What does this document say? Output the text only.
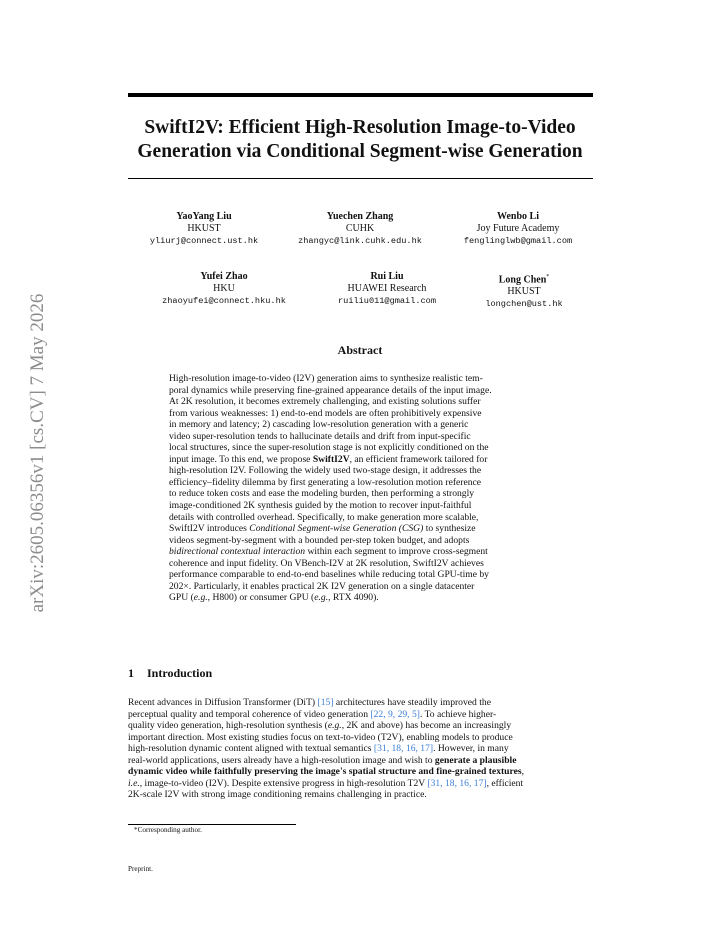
arXiv:2605.06356v1 [cs.CV] 7 May 2026
SwiftI2V: Efficient High-Resolution Image-to-Video
Generation via Conditional Segment-wise Generation
YaoYang Liu
HKUST
yliurj@connect.ust.hk
Yuechen Zhang
CUHK
zhangyc@link.cuhk.edu.hk
Wenbo Li
Joy Future Academy
fenglinglwb@gmail.com
Yufei Zhao
HKU
zhaoyufei@connect.hku.hk
Rui Liu
HUAWEI Research
ruiliu011@gmail.com
Long Chen*
HKUST
longchen@ust.hk
Abstract
High-resolution image-to-video (I2V) generation aims to synthesize realistic tem-
poral dynamics while preserving fine-grained appearance details of the input image.
At 2K resolution, it becomes extremely challenging, and existing solutions suffer
from various weaknesses: 1) end-to-end models are often prohibitively expensive
in memory and latency; 2) cascading low-resolution generation with a generic
video super-resolution tends to hallucinate details and drift from input-specific
local structures, since the super-resolution stage is not explicitly conditioned on the
input image. To this end, we propose SwiftI2V, an efficient framework tailored for
high-resolution I2V. Following the widely used two-stage design, it addresses the
efficiency–fidelity dilemma by first generating a low-resolution motion reference
to reduce token costs and ease the modeling burden, then performing a strongly
image-conditioned 2K synthesis guided by the motion to recover input-faithful
details with controlled overhead. Specifically, to make generation more scalable,
SwiftI2V introduces Conditional Segment-wise Generation (CSG) to synthesize
videos segment-by-segment with a bounded per-step token budget, and adopts
bidirectional contextual interaction within each segment to improve cross-segment
coherence and input fidelity. On VBench-I2V at 2K resolution, SwiftI2V achieves
performance comparable to end-to-end baselines while reducing total GPU-time by
202×. Particularly, it enables practical 2K I2V generation on a single datacenter
GPU (e.g., H800) or consumer GPU (e.g., RTX 4090).
1 Introduction
Recent advances in Diffusion Transformer (DiT) [15] architectures have steadily improved the
perceptual quality and temporal coherence of video generation [22, 9, 29, 5]. To achieve higher-
quality video generation, high-resolution synthesis (e.g., 2K and above) has become an increasingly
important direction. Most existing studies focus on text-to-video (T2V), enabling models to produce
high-resolution dynamic content aligned with textual semantics [31, 18, 16, 17]. However, in many
real-world applications, users already have a high-resolution image and wish to generate a plausible
dynamic video while faithfully preserving the image's spatial structure and fine-grained textures,
i.e., image-to-video (I2V). Despite extensive progress in high-resolution T2V [31, 18, 16, 17], efficient
2K-scale I2V with strong image conditioning remains challenging in practice.
*Corresponding author.
Preprint.
